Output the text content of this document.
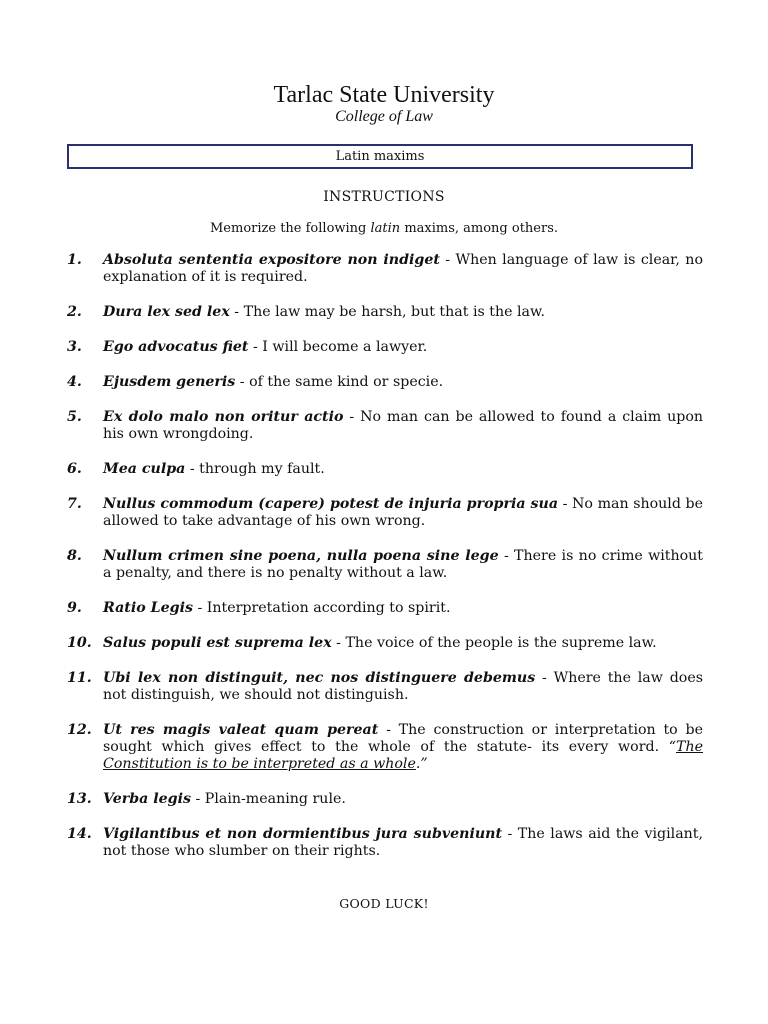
Tarlac State University
College of Law
Latin maxims
INSTRUCTIONS
Memorize the following latin maxims, among others.
1. Absoluta sententia expositore non indiget - When language of law is clear, no explanation of it is required.
2. Dura lex sed lex - The law may be harsh, but that is the law.
3. Ego advocatus fiet - I will become a lawyer.
4. Ejusdem generis - of the same kind or specie.
5. Ex dolo malo non oritur actio - No man can be allowed to found a claim upon his own wrongdoing.
6. Mea culpa - through my fault.
7. Nullus commodum (capere) potest de injuria propria sua - No man should be allowed to take advantage of his own wrong.
8. Nullum crimen sine poena, nulla poena sine lege - There is no crime without a penalty, and there is no penalty without a law.
9. Ratio Legis - Interpretation according to spirit.
10. Salus populi est suprema lex - The voice of the people is the supreme law.
11. Ubi lex non distinguit, nec nos distinguere debemus - Where the law does not distinguish, we should not distinguish.
12. Ut res magis valeat quam pereat - The construction or interpretation to be sought which gives effect to the whole of the statute- its every word. “The Constitution is to be interpreted as a whole.”
13. Verba legis - Plain-meaning rule.
14. Vigilantibus et non dormientibus jura subveniunt - The laws aid the vigilant, not those who slumber on their rights.
GOOD LUCK!
